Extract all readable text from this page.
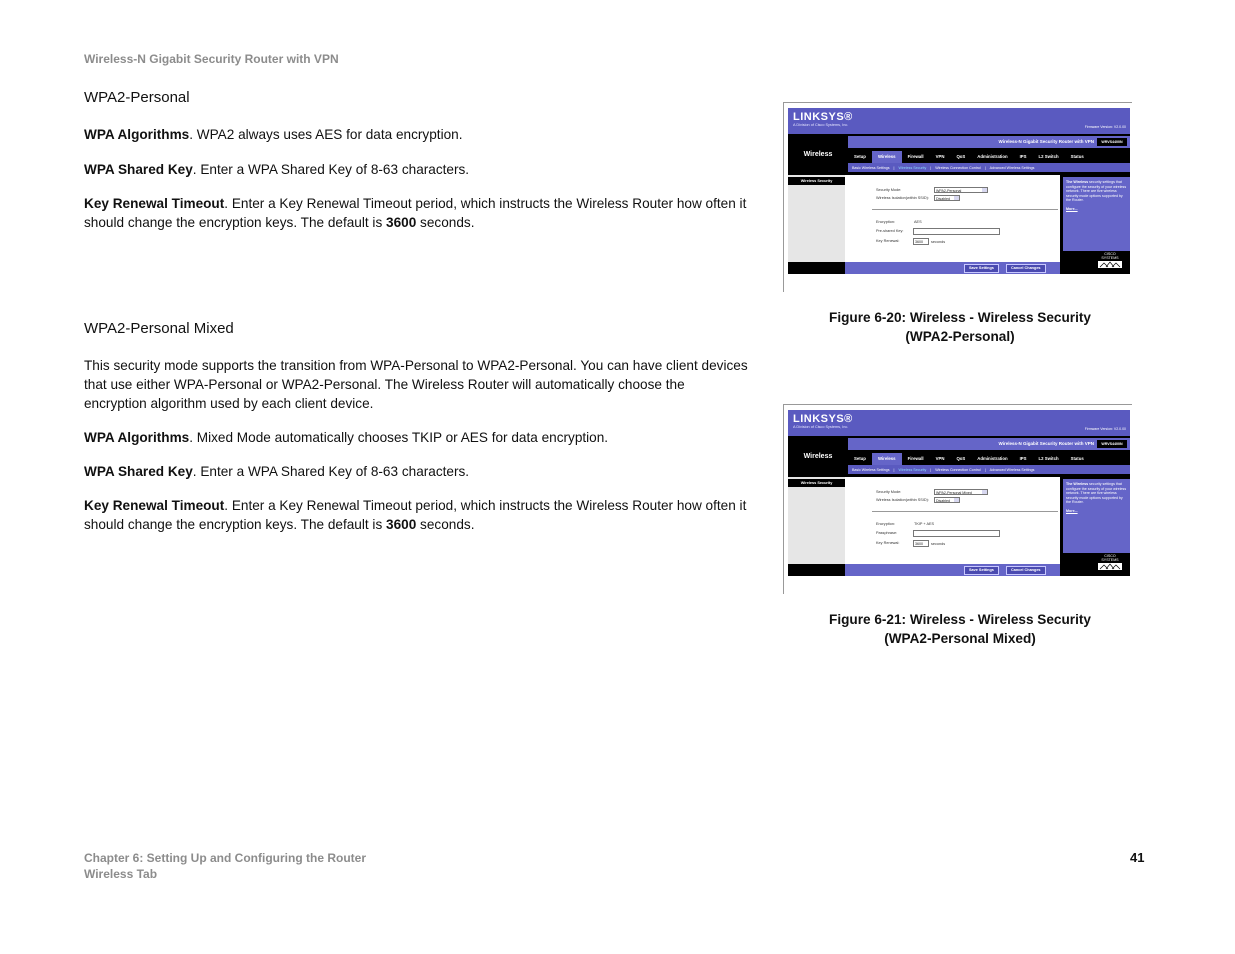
Wireless-N Gigabit Security Router with VPN
WPA2-Personal
WPA Algorithms. WPA2 always uses AES for data encryption.
WPA Shared Key. Enter a WPA Shared Key of 8-63 characters.
Key Renewal Timeout. Enter a Key Renewal Timeout period, which instructs the Wireless Router how often it should change the encryption keys. The default is 3600 seconds.
WPA2-Personal Mixed
This security mode supports the transition from WPA-Personal to WPA2-Personal. You can have client devices that use either WPA-Personal or WPA2-Personal. The Wireless Router will automatically choose the encryption algorithm used by each client device.
WPA Algorithms. Mixed Mode automatically chooses TKIP or AES for data encryption.
WPA Shared Key. Enter a WPA Shared Key of 8-63 characters.
Key Renewal Timeout. Enter a Key Renewal Timeout period, which instructs the Wireless Router how often it should change the encryption keys. The default is 3600 seconds.
LINKSYS®
A Division of Cisco Systems, Inc.	Firmware Version: V2.0.00
Wireless
Wireless-N Gigabit Security Router with VPN	WRVS4400N
Setup	Wireless	Firewall	VPN	QoS	Administration	IPS	L2 Switch	Status
Basic Wireless Settings	|	Wireless Security	|	Wireless Connection Control	|	Advanced Wireless Settings
Wireless Security
Security Mode:	WPA2-Personal
Wireless Isolation(within SSID):	Disabled
Encryption:	AES
Pre-shared Key:
Key Renewal:	3600	seconds
The Wireless security settings that configure the security of your wireless network. There are five wireless security mode options supported by the Router.
More...
CISCO SYSTEMS
Save Settings	Cancel Changes
Figure 6-20: Wireless - Wireless Security
(WPA2-Personal)
LINKSYS®
A Division of Cisco Systems, Inc.	Firmware Version: V2.0.00
Wireless
Wireless-N Gigabit Security Router with VPN	WRVS4400N
Setup	Wireless	Firewall	VPN	QoS	Administration	IPS	L2 Switch	Status
Basic Wireless Settings	|	Wireless Security	|	Wireless Connection Control	|	Advanced Wireless Settings
Wireless Security
Security Mode:	WPA2-Personal Mixed
Wireless Isolation(within SSID):	Disabled
Encryption:	TKIP + AES
Passphrase:
Key Renewal:	3600	seconds
The Wireless security settings that configure the security of your wireless network. There are five wireless security mode options supported by the Router.
More...
CISCO SYSTEMS
Save Settings	Cancel Changes
Figure 6-21: Wireless - Wireless Security
(WPA2-Personal Mixed)
Chapter 6: Setting Up and Configuring the Router
Wireless Tab
41
